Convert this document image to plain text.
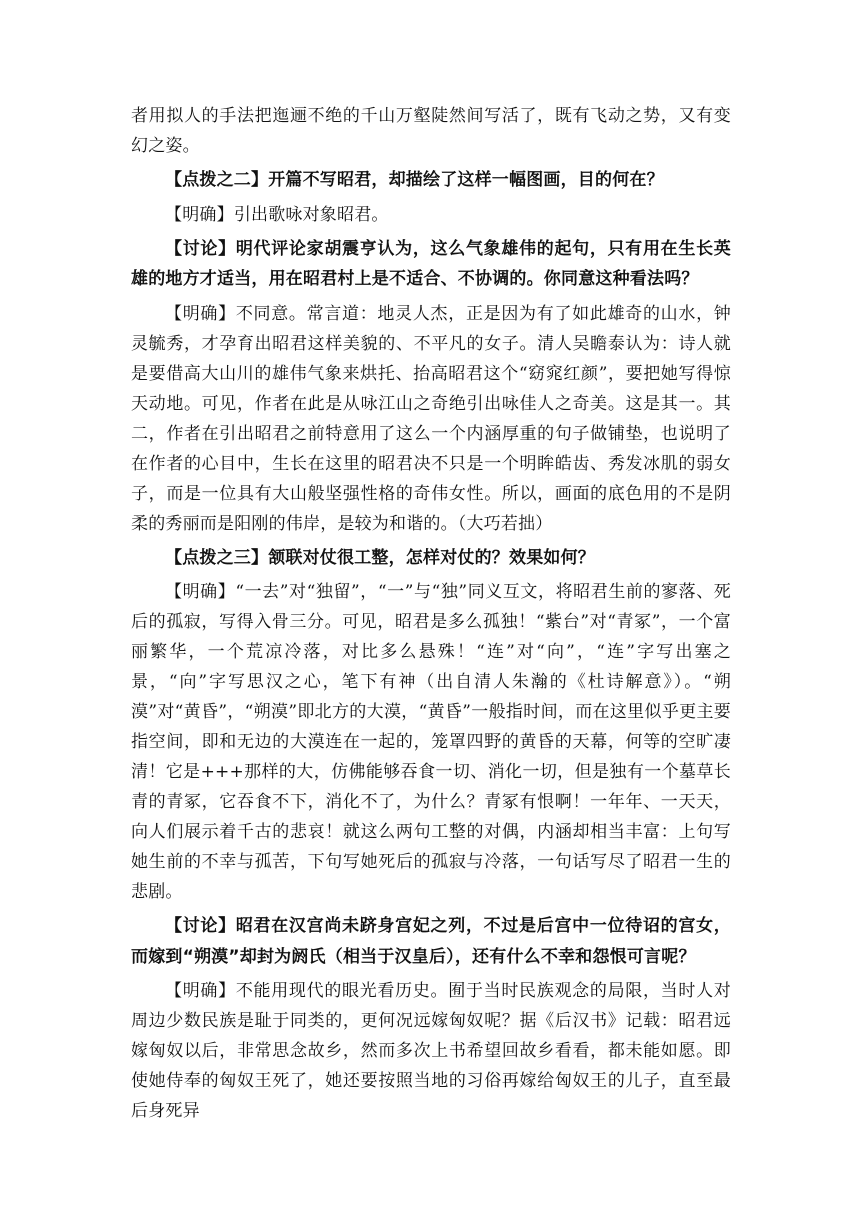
者用拟人的手法把迤逦不绝的千山万壑陡然间写活了，既有飞动之势，又有变幻之姿。

【点拨之二】开篇不写昭君，却描绘了这样一幅图画，目的何在？

【明确】引出歌咏对象昭君。

【讨论】明代评论家胡震亨认为，这么气象雄伟的起句，只有用在生长英雄的地方才适当，用在昭君村上是不适合、不协调的。你同意这种看法吗？

【明确】不同意。常言道：地灵人杰，正是因为有了如此雄奇的山水，钟灵毓秀，才孕育出昭君这样美貌的、不平凡的女子。清人吴瞻泰认为：诗人就是要借高大山川的雄伟气象来烘托、抬高昭君这个“窈窕红颜”，要把她写得惊天动地。可见，作者在此是从咏江山之奇绝引出咏佳人之奇美。这是其一。其二，作者在引出昭君之前特意用了这么一个内涵厚重的句子做铺垫，也说明了在作者的心目中，生长在这里的昭君决不只是一个明眸皓齿、秀发冰肌的弱女子，而是一位具有大山般坚强性格的奇伟女性。所以，画面的底色用的不是阴柔的秀丽而是阳刚的伟岸，是较为和谐的。（大巧若拙）

【点拨之三】颔联对仗很工整，怎样对仗的？效果如何？

【明确】“一去”对“独留”，“一”与“独”同义互文，将昭君生前的寥落、死后的孤寂，写得入骨三分。可见，昭君是多么孤独！“紫台”对“青冢”，一个富丽繁华，一个荒凉冷落，对比多么悬殊！“连”对“向”，“连”字写出塞之景，“向”字写思汉之心，笔下有神（出自清人朱瀚的《杜诗解意》）。“朔漠”对“黄昏”，“朔漠”即北方的大漠，“黄昏”一般指时间，而在这里似乎更主要指空间，即和无边的大漠连在一起的，笼罩四野的黄昏的天幕，何等的空旷凄清！它是+++那样的大，仿佛能够吞食一切、消化一切，但是独有一个墓草长青的青冢，它吞食不下，消化不了，为什么？青冢有恨啊！一年年、一天天，向人们展示着千古的悲哀！就这么两句工整的对偶，内涵却相当丰富：上句写她生前的不幸与孤苦，下句写她死后的孤寂与冷落，一句话写尽了昭君一生的悲剧。

【讨论】昭君在汉宫尚未跻身宫妃之列，不过是后宫中一位待诏的宫女，而嫁到“朔漠”却封为阏氏（相当于汉皇后），还有什么不幸和怨恨可言呢？

【明确】不能用现代的眼光看历史。囿于当时民族观念的局限，当时人对周边少数民族是耻于同类的，更何况远嫁匈奴呢？据《后汉书》记载：昭君远嫁匈奴以后，非常思念故乡，然而多次上书希望回故乡看看，都未能如愿。即使她侍奉的匈奴王死了，她还要按照当地的习俗再嫁给匈奴王的儿子，直至最后身死异
